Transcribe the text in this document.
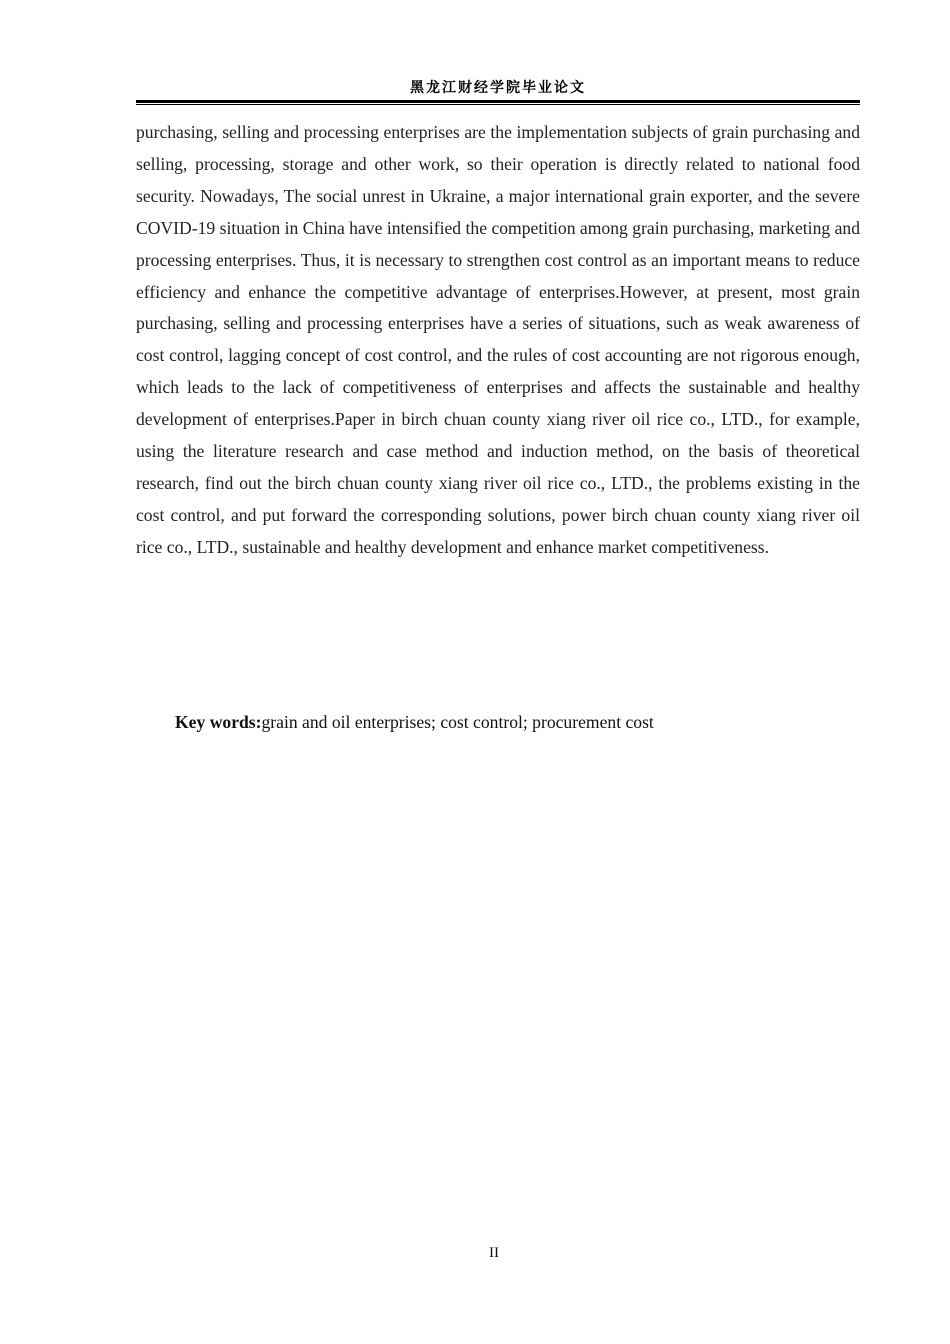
黑龙江财经学院毕业论文

purchasing, selling and processing enterprises are the implementation subjects of grain purchasing and selling, processing, storage and other work, so their operation is directly related to national food security. Nowadays, The social unrest in Ukraine, a major international grain exporter, and the severe COVID-19 situation in China have intensified the competition among grain purchasing, marketing and processing enterprises. Thus, it is necessary to strengthen cost control as an important means to reduce efficiency and enhance the competitive advantage of enterprises.However, at present, most grain purchasing, selling and processing enterprises have a series of situations, such as weak awareness of cost control, lagging concept of cost control, and the rules of cost accounting are not rigorous enough, which leads to the lack of competitiveness of enterprises and affects the sustainable and healthy development of enterprises.Paper in birch chuan county xiang river oil rice co., LTD., for example, using the literature research and case method and induction method, on the basis of theoretical research, find out the birch chuan county xiang river oil rice co., LTD., the problems existing in the cost control, and put forward the corresponding solutions, power birch chuan county xiang river oil rice co., LTD., sustainable and healthy development and enhance market competitiveness.

Key words:grain and oil enterprises; cost control; procurement cost

II
